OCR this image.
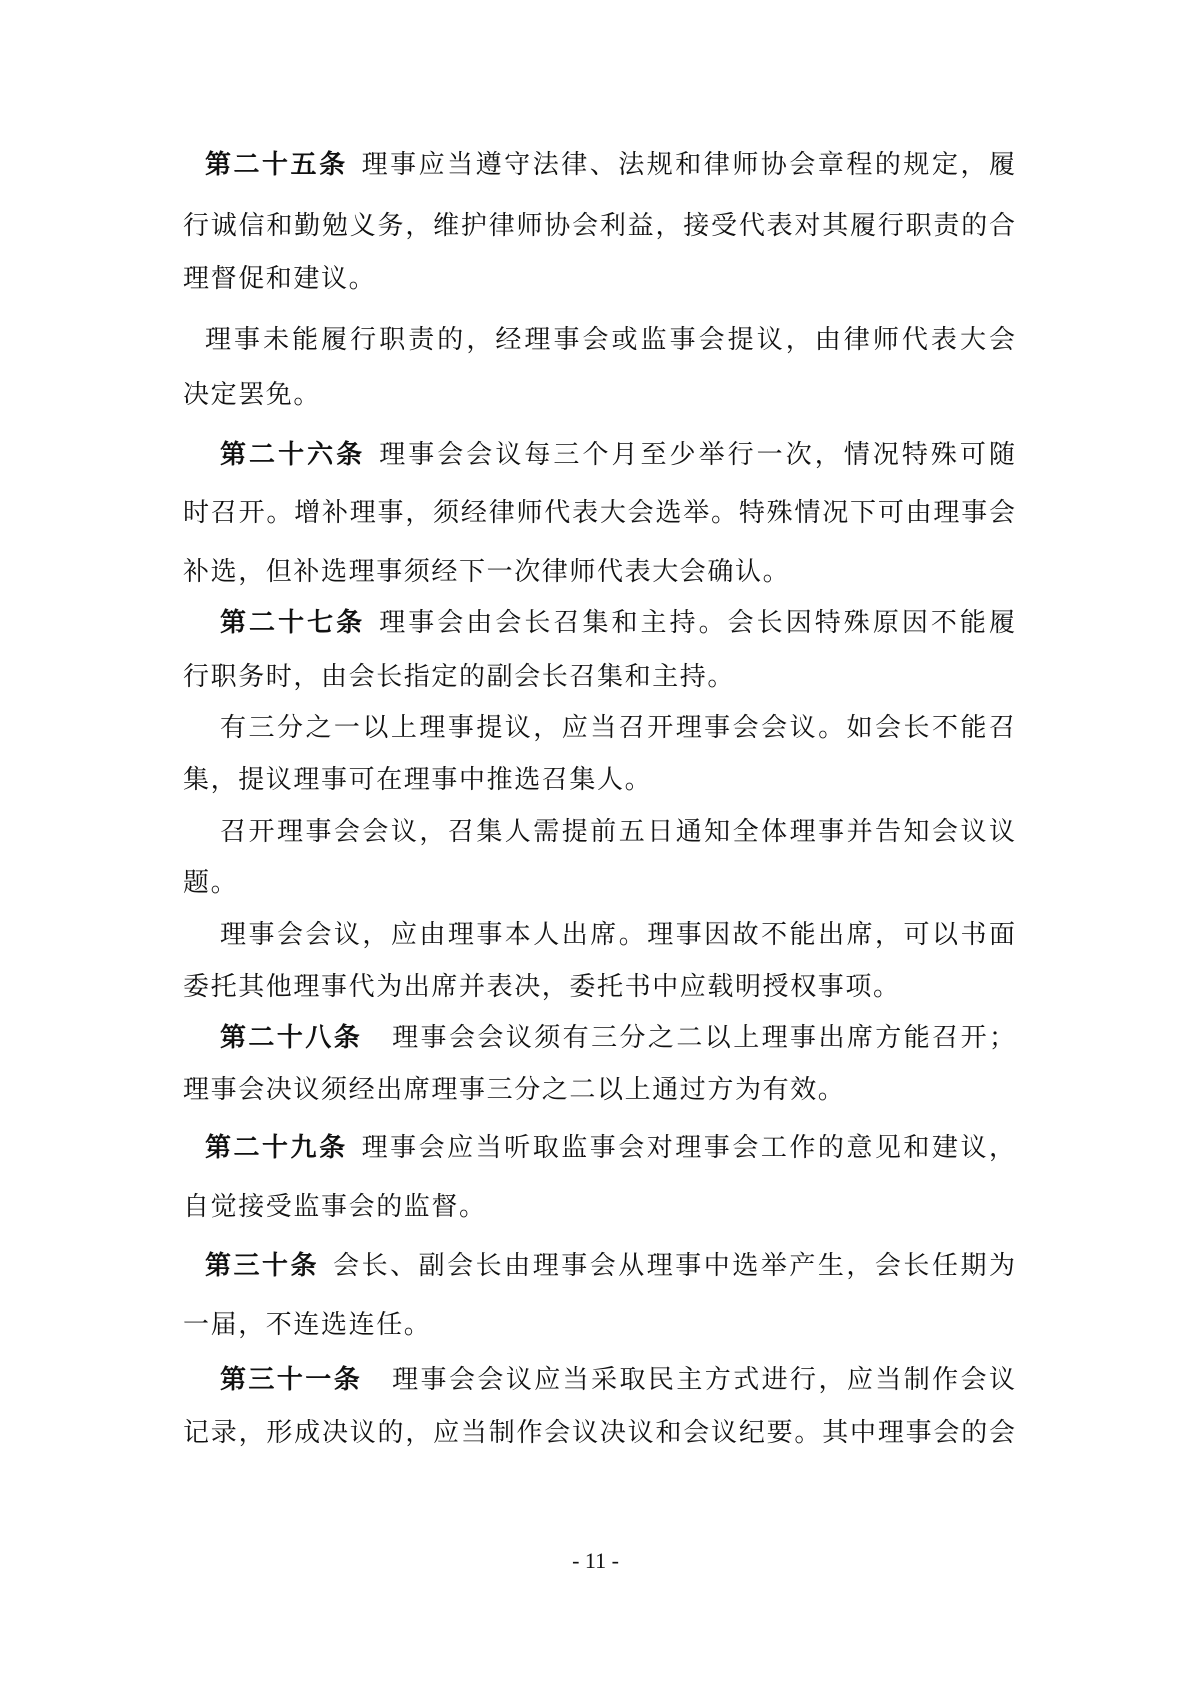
第二十五条 理事应当遵守法律、法规和律师协会章程的规定，履
行诚信和勤勉义务，维护律师协会利益，接受代表对其履行职责的合
理督促和建议。
理事未能履行职责的，经理事会或监事会提议，由律师代表大会
决定罢免。
第二十六条 理事会会议每三个月至少举行一次，情况特殊可随
时召开。增补理事，须经律师代表大会选举。特殊情况下可由理事会
补选，但补选理事须经下一次律师代表大会确认。
第二十七条 理事会由会长召集和主持。会长因特殊原因不能履
行职务时，由会长指定的副会长召集和主持。
有三分之一以上理事提议，应当召开理事会会议。如会长不能召
集，提议理事可在理事中推选召集人。
召开理事会会议，召集人需提前五日通知全体理事并告知会议议
题。
理事会会议，应由理事本人出席。理事因故不能出席，可以书面
委托其他理事代为出席并表决，委托书中应载明授权事项。
第二十八条 理事会会议须有三分之二以上理事出席方能召开；
理事会决议须经出席理事三分之二以上通过方为有效。
第二十九条 理事会应当听取监事会对理事会工作的意见和建议，
自觉接受监事会的监督。
第三十条 会长、副会长由理事会从理事中选举产生，会长任期为
一届，不连选连任。
第三十一条 理事会会议应当采取民主方式进行，应当制作会议
记录，形成决议的，应当制作会议决议和会议纪要。其中理事会的会
- 11 -
